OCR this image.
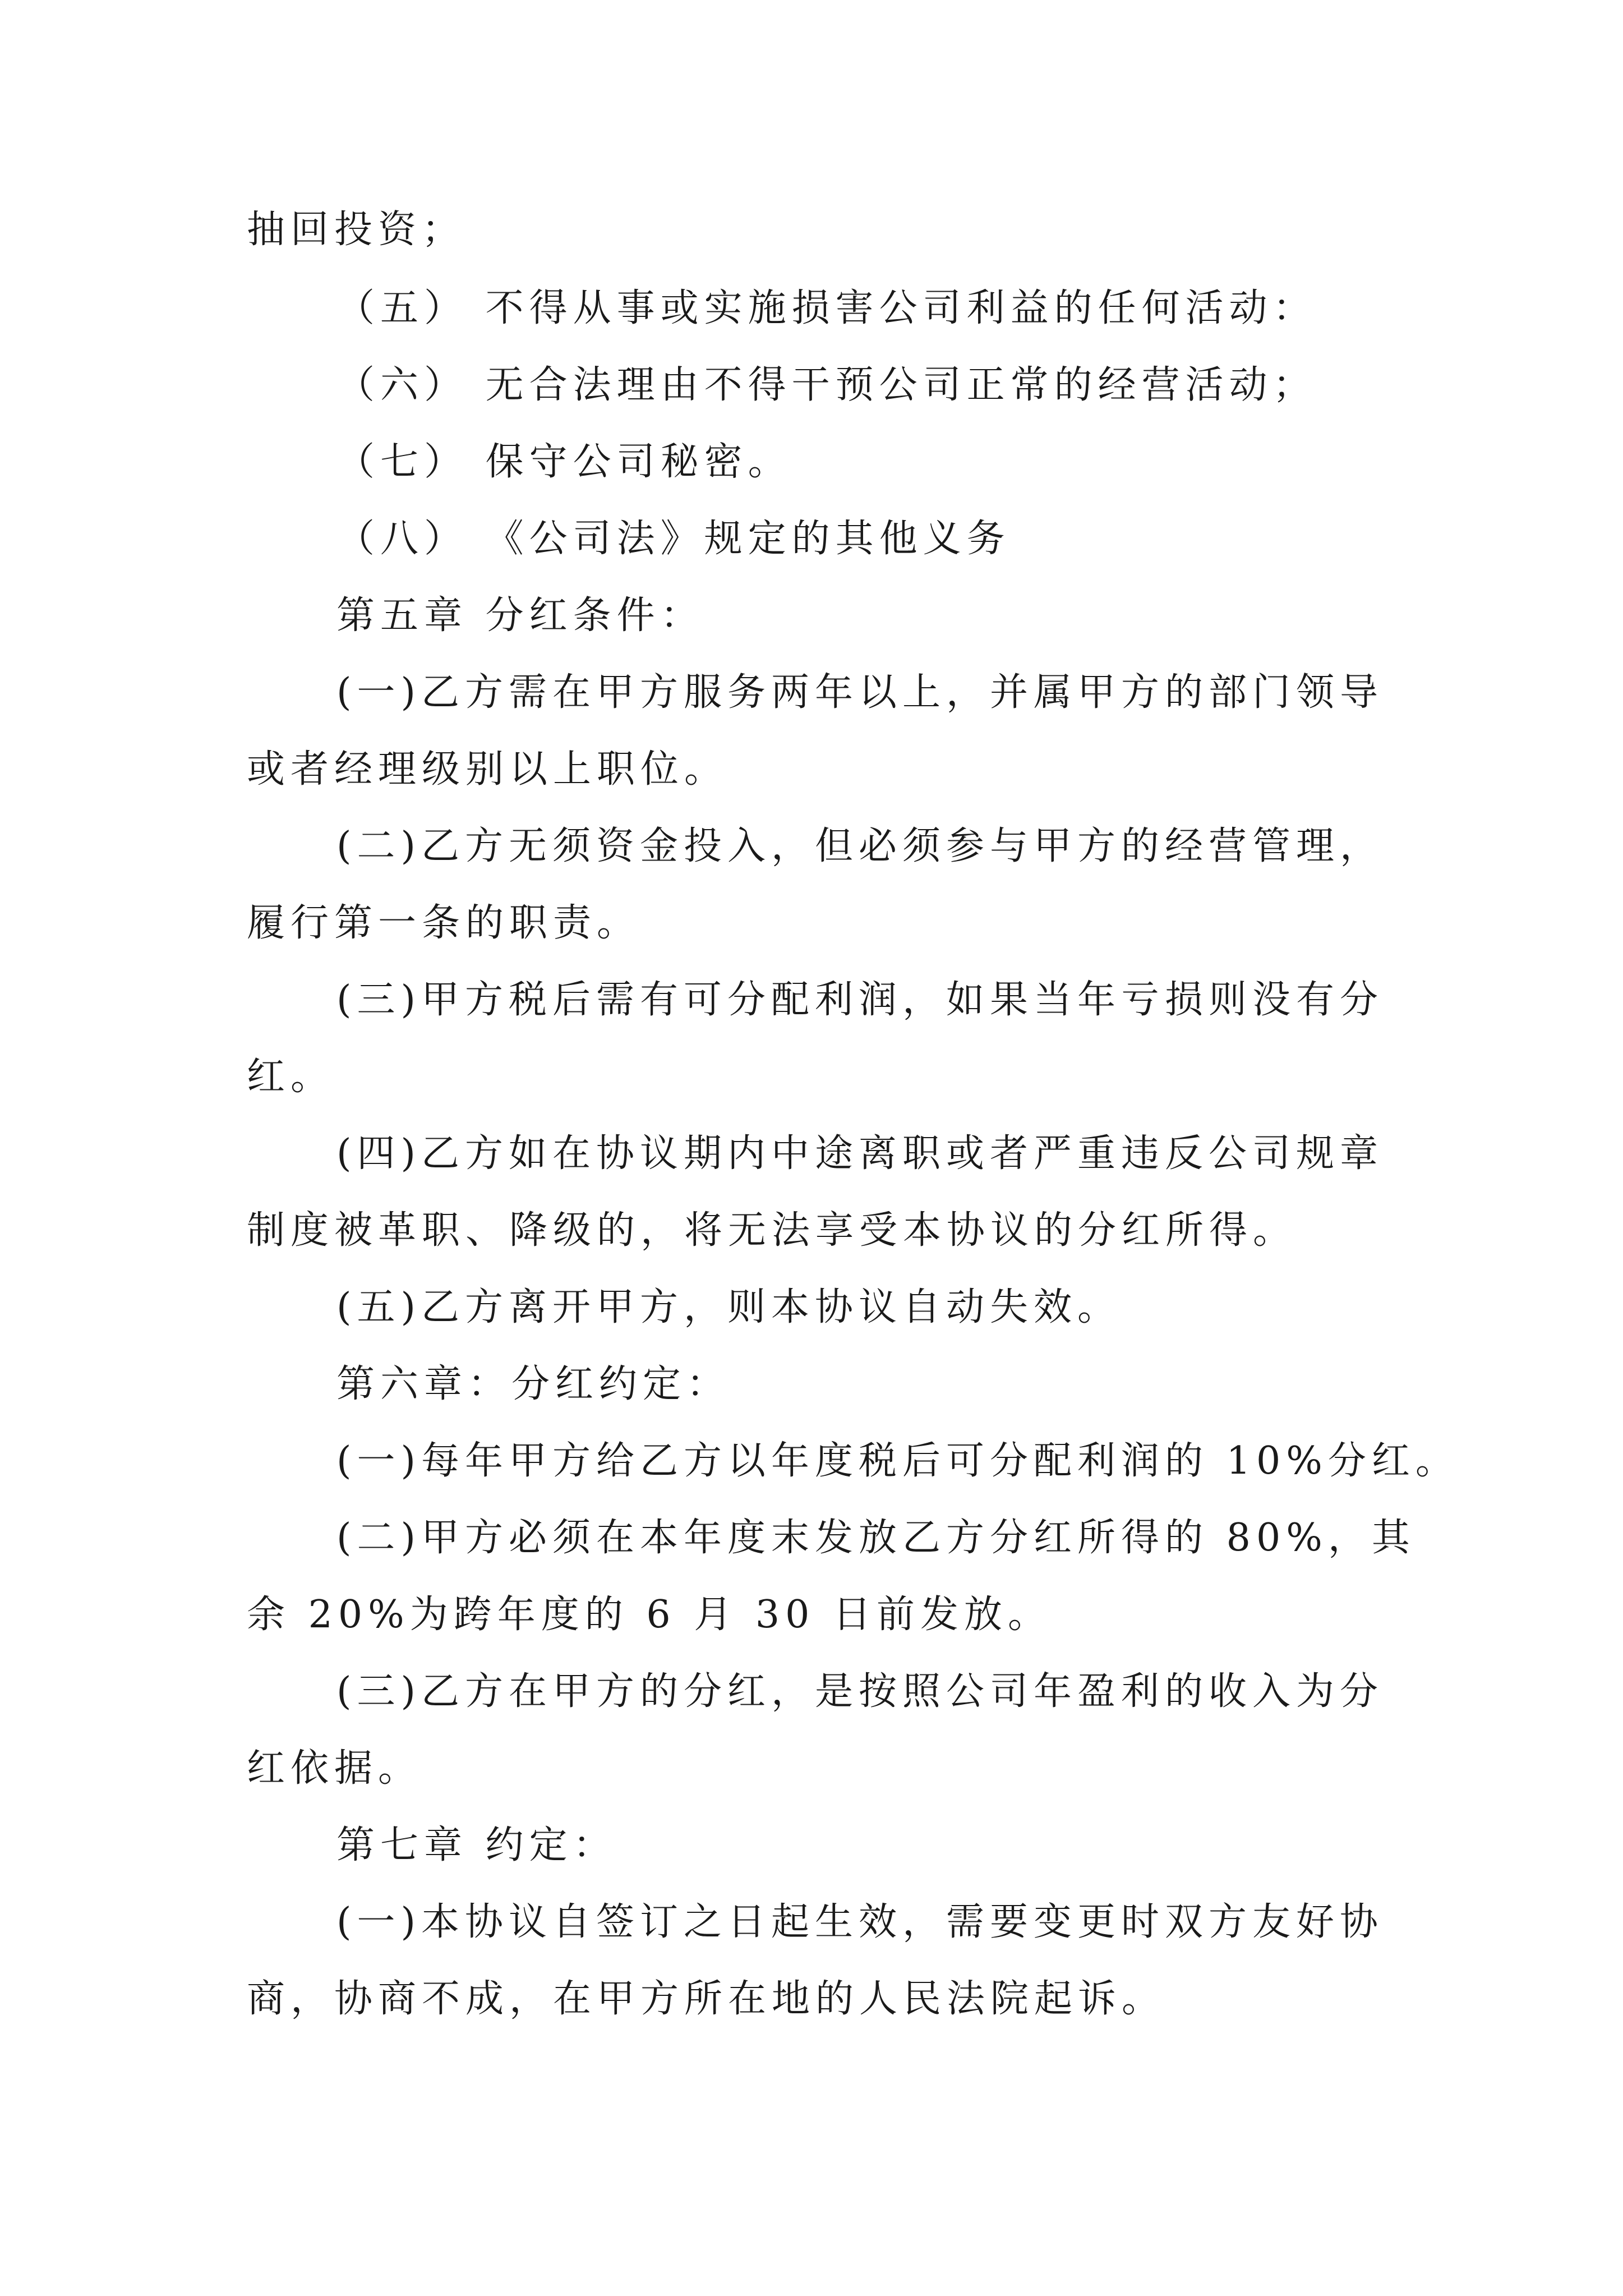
抽回投资；
（五） 不得从事或实施损害公司利益的任何活动：
（六） 无合法理由不得干预公司正常的经营活动；
（七） 保守公司秘密。
（八） 《公司法》规定的其他义务
第五章 分红条件：
(一)乙方需在甲方服务两年以上，并属甲方的部门领导
或者经理级别以上职位。
(二)乙方无须资金投入，但必须参与甲方的经营管理，
履行第一条的职责。
(三)甲方税后需有可分配利润，如果当年亏损则没有分
红。
(四)乙方如在协议期内中途离职或者严重违反公司规章
制度被革职、降级的，将无法享受本协议的分红所得。
(五)乙方离开甲方，则本协议自动失效。
第六章：分红约定：
(一)每年甲方给乙方以年度税后可分配利润的 10%分红。
(二)甲方必须在本年度末发放乙方分红所得的 80%，其
余 20%为跨年度的 6 月 30 日前发放。
(三)乙方在甲方的分红，是按照公司年盈利的收入为分
红依据。
第七章 约定：
(一)本协议自签订之日起生效，需要变更时双方友好协
商，协商不成，在甲方所在地的人民法院起诉。
